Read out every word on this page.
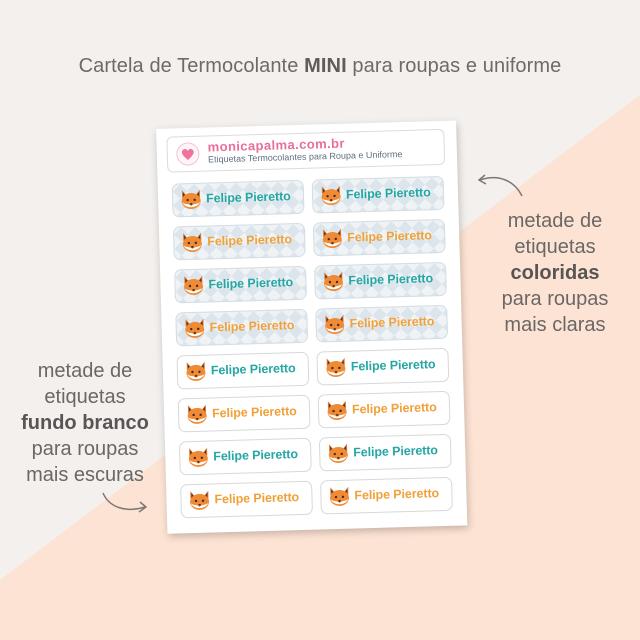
Cartela de Termocolante MINI para roupas e uniforme
metade de
etiquetas
coloridas
para roupas
mais claras
metade de
etiquetas
fundo branco
para roupas
mais escuras
monicapalma.com.br
Etiquetas Termocolantes para Roupa e Uniforme
Felipe Pieretto	Felipe Pieretto
Felipe Pieretto	Felipe Pieretto
Felipe Pieretto	Felipe Pieretto
Felipe Pieretto	Felipe Pieretto
Felipe Pieretto	Felipe Pieretto
Felipe Pieretto	Felipe Pieretto
Felipe Pieretto	Felipe Pieretto
Felipe Pieretto	Felipe Pieretto
